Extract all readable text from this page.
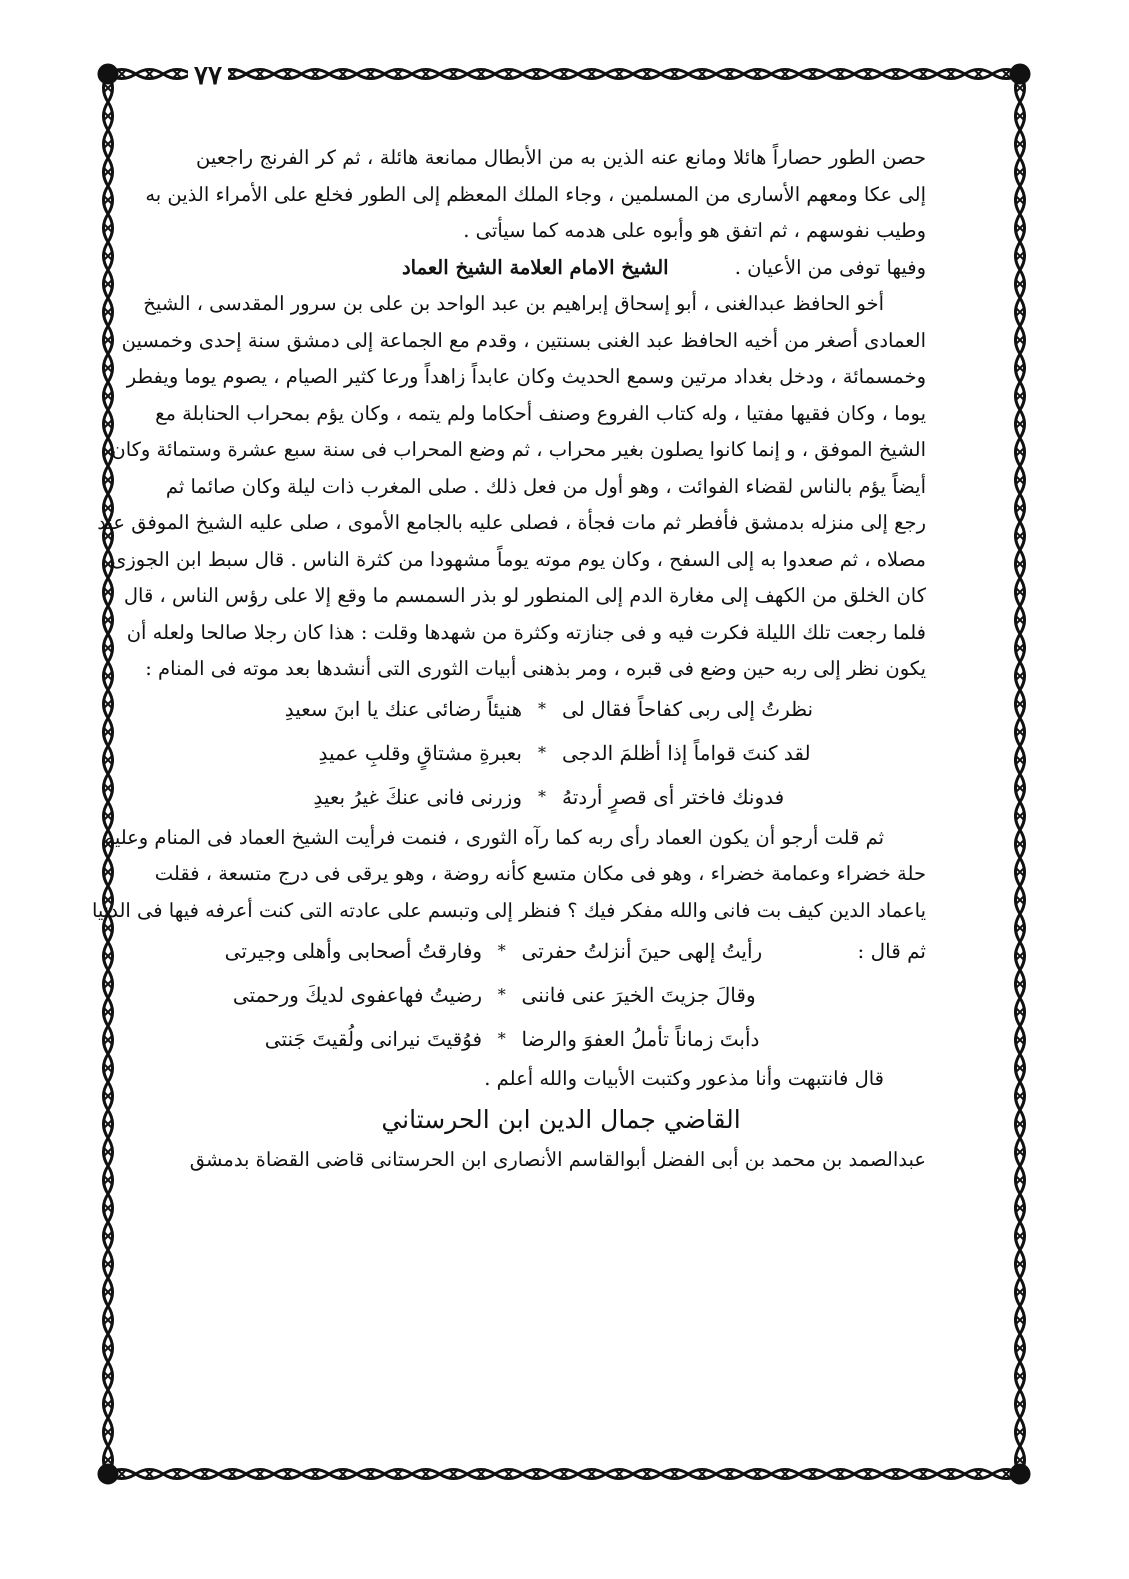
٧٧

حصن الطور حصاراً هائلا ومانع عنه الذين به من الأبطال ممانعة هائلة ، ثم كر الفرنج راجعين
إلى عكا ومعهم الأسارى من المسلمين ، وجاء الملك المعظم إلى الطور فخلع على الأمراء الذين به
وطيب نفوسهم ، ثم اتفق هو وأبوه على هدمه كما سيأتى .

وفيها توفى من الأعيان . الشيخ الامام العلامة الشيخ العماد

أخو الحافظ عبدالغنى ، أبو إسحاق إبراهيم بن عبد الواحد بن على بن سرور المقدسى ، الشيخ
العمادى أصغر من أخيه الحافظ عبد الغنى بسنتين ، وقدم مع الجماعة إلى دمشق سنة إحدى وخمسين
وخمسمائة ، ودخل بغداد مرتين وسمع الحديث وكان عابداً زاهداً ورعا كثير الصيام ، يصوم يوما ويفطر
يوما ، وكان فقيها مفتيا ، وله كتاب الفروع وصنف أحكاما ولم يتمه ، وكان يؤم بمحراب الحنابلة مع
الشيخ الموفق ، و إنما كانوا يصلون بغير محراب ، ثم وضع المحراب فى سنة سبع عشرة وستمائة وكان
أيضاً يؤم بالناس لقضاء الفوائت ، وهو أول من فعل ذلك . صلى المغرب ذات ليلة وكان صائما ثم
رجع إلى منزله بدمشق فأفطر ثم مات فجأة ، فصلى عليه بالجامع الأموى ، صلى عليه الشيخ الموفق عند
مصلاه ، ثم صعدوا به إلى السفح ، وكان يوم موته يوماً مشهودا من كثرة الناس . قال سبط ابن الجوزى
كان الخلق من الكهف إلى مغارة الدم إلى المنطور لو بذر السمسم ما وقع إلا على رؤس الناس ، قال
فلما رجعت تلك الليلة فكرت فيه و فى جنازته وكثرة من شهدها وقلت : هذا كان رجلا صالحا ولعله أن
يكون نظر إلى ربه حين وضع فى قبره ، ومر بذهنى أبيات الثورى التى أنشدها بعد موته فى المنام :

نظرتُ إلى ربى كفاحاً فقال لى
*
هنيئاً رضائى عنك يا ابنَ سعيدِ
لقد كنتَ قواماً إذا أظلمَ الدجى
*
بعبرةِ مشتاقٍ وقلبِ عميدِ
فدونك فاختر أى قصرٍ أردتهُ
*
وزرنى فانى عنكَ غيرُ بعيدِ

ثم قلت أرجو أن يكون العماد رأى ربه كما رآه الثورى ، فنمت فرأيت الشيخ العماد فى المنام وعليه
حلة خضراء وعمامة خضراء ، وهو فى مكان متسع كأنه روضة ، وهو يرقى فى درج متسعة ، فقلت
ياعماد الدين كيف بت فانى والله مفكر فيك ؟ فنظر إلى وتبسم على عادته التى كنت أعرفه فيها فى الدنيا

ثم قال :
رأيتُ إلهى حينَ أنزلتُ حفرتى
*
وفارقتُ أصحابى وأهلى وجيرتى
وقالَ جزيتَ الخيرَ عنى فاننى
*
رضيتُ فهاعفوى لديكَ ورحمتى
دأبتَ زماناً تأملُ العفوَ والرضا
*
فوُقيتَ نيرانى ولُقيتَ جَنتى

قال فانتبهت وأنا مذعور وكتبت الأبيات والله أعلم .

القاضي جمال الدين ابن الحرستاني

عبدالصمد بن محمد بن أبى الفضل أبوالقاسم الأنصارى ابن الحرستانى قاضى القضاة بدمشق
